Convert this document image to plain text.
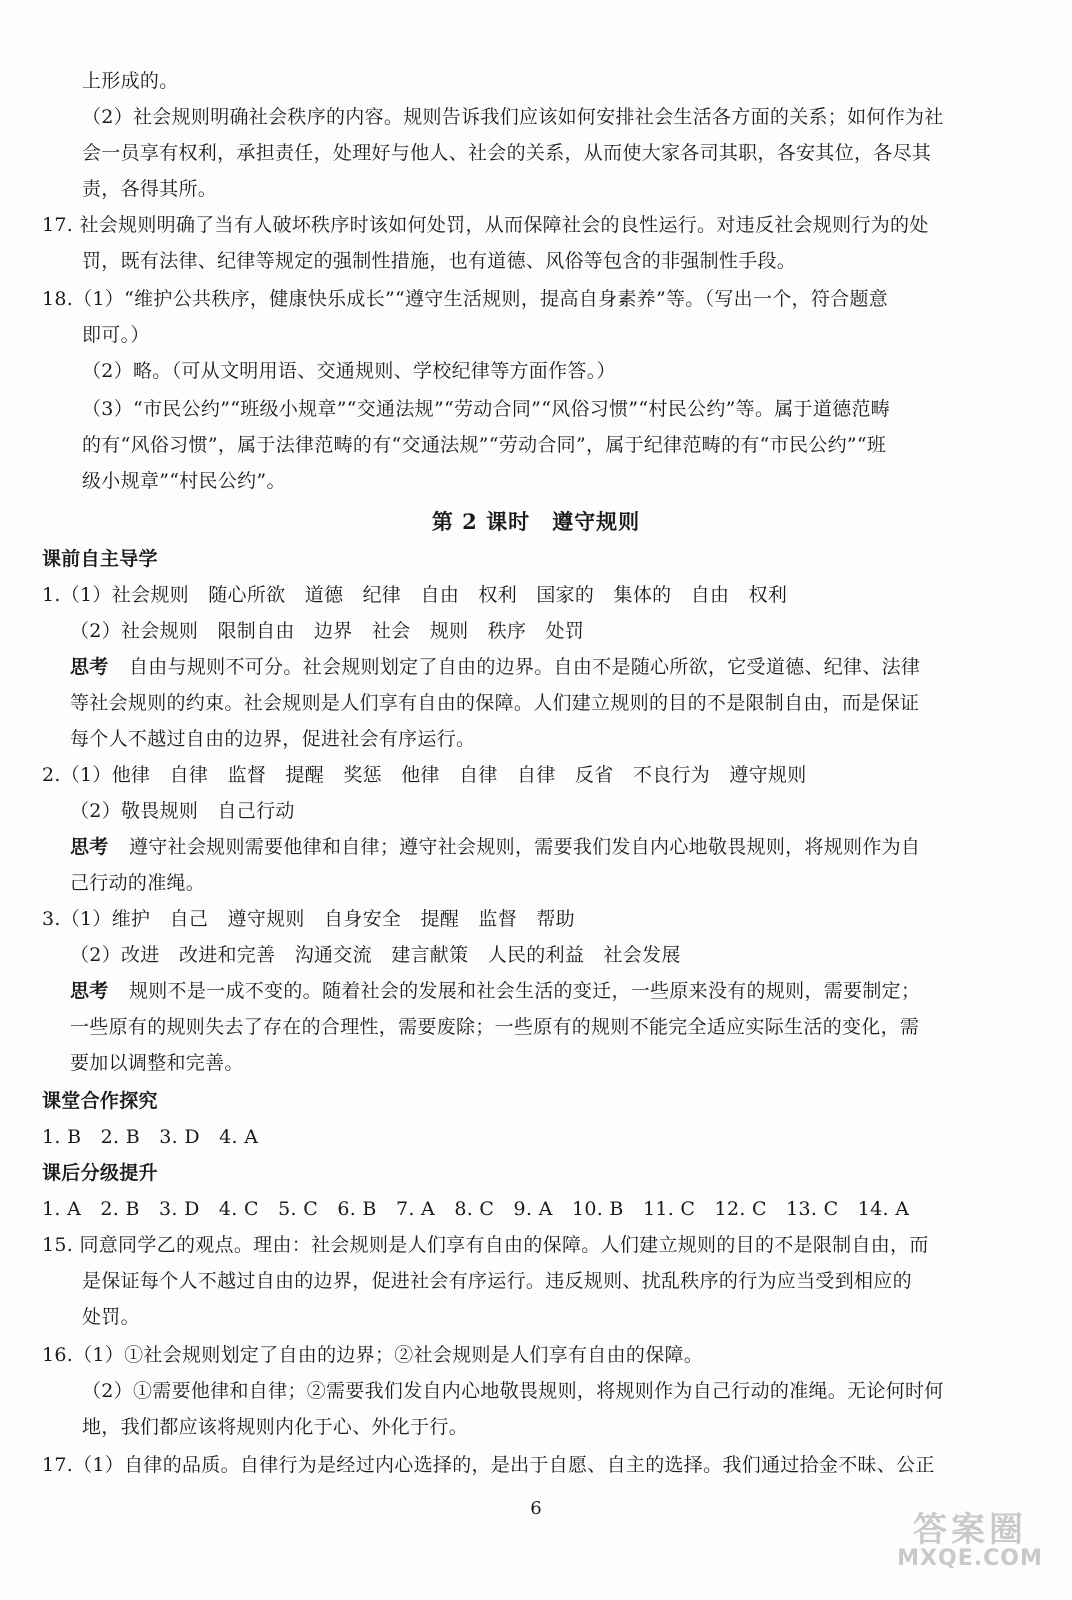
上形成的。
（2）社会规则明确社会秩序的内容。规则告诉我们应该如何安排社会生活各方面的关系；如何作为社
会一员享有权利，承担责任，处理好与他人、社会的关系，从而使大家各司其职，各安其位，各尽其
责，各得其所。
17. 社会规则明确了当有人破坏秩序时该如何处罚，从而保障社会的良性运行。对违反社会规则行为的处
罚，既有法律、纪律等规定的强制性措施，也有道德、风俗等包含的非强制性手段。
18.（1）“维护公共秩序，健康快乐成长”“遵守生活规则，提高自身素养”等。（写出一个，符合题意
即可。）
（2）略。（可从文明用语、交通规则、学校纪律等方面作答。）
（3）“市民公约”“班级小规章”“交通法规”“劳动合同”“风俗习惯”“村民公约”等。属于道德范畴
的有“风俗习惯”，属于法律范畴的有“交通法规”“劳动合同”，属于纪律范畴的有“市民公约”“班
级小规章”“村民公约”。
第 2 课时　遵守规则
课前自主导学
1.（1）社会规则　随心所欲　道德　纪律　自由　权利　国家的　集体的　自由　权利
（2）社会规则　限制自由　边界　社会　规则　秩序　处罚
思考 自由与规则不可分。社会规则划定了自由的边界。自由不是随心所欲，它受道德、纪律、法律
等社会规则的约束。社会规则是人们享有自由的保障。人们建立规则的目的不是限制自由，而是保证
每个人不越过自由的边界，促进社会有序运行。
2.（1）他律　自律　监督　提醒　奖惩　他律　自律　自律　反省　不良行为　遵守规则
（2）敬畏规则　自己行动
思考 遵守社会规则需要他律和自律；遵守社会规则，需要我们发自内心地敬畏规则，将规则作为自
己行动的准绳。
3.（1）维护　自己　遵守规则　自身安全　提醒　监督　帮助
（2）改进　改进和完善　沟通交流　建言献策　人民的利益　社会发展
思考 规则不是一成不变的。随着社会的发展和社会生活的变迁，一些原来没有的规则，需要制定；
一些原有的规则失去了存在的合理性，需要废除；一些原有的规则不能完全适应实际生活的变化，需
要加以调整和完善。
课堂合作探究
1. B　2. B　3. D　4. A
课后分级提升
1. A　2. B　3. D　4. C　5. C　6. B　7. A　8. C　9. A　10. B　11. C　12. C　13. C　14. A
15. 同意同学乙的观点。理由：社会规则是人们享有自由的保障。人们建立规则的目的不是限制自由，而
是保证每个人不越过自由的边界，促进社会有序运行。违反规则、扰乱秩序的行为应当受到相应的
处罚。
16.（1）①社会规则划定了自由的边界；②社会规则是人们享有自由的保障。
（2）①需要他律和自律；②需要我们发自内心地敬畏规则，将规则作为自己行动的准绳。无论何时何
地，我们都应该将规则内化于心、外化于行。
17.（1）自律的品质。自律行为是经过内心选择的，是出于自愿、自主的选择。我们通过拾金不昧、公正
6
答案圈
MXQE.COM
